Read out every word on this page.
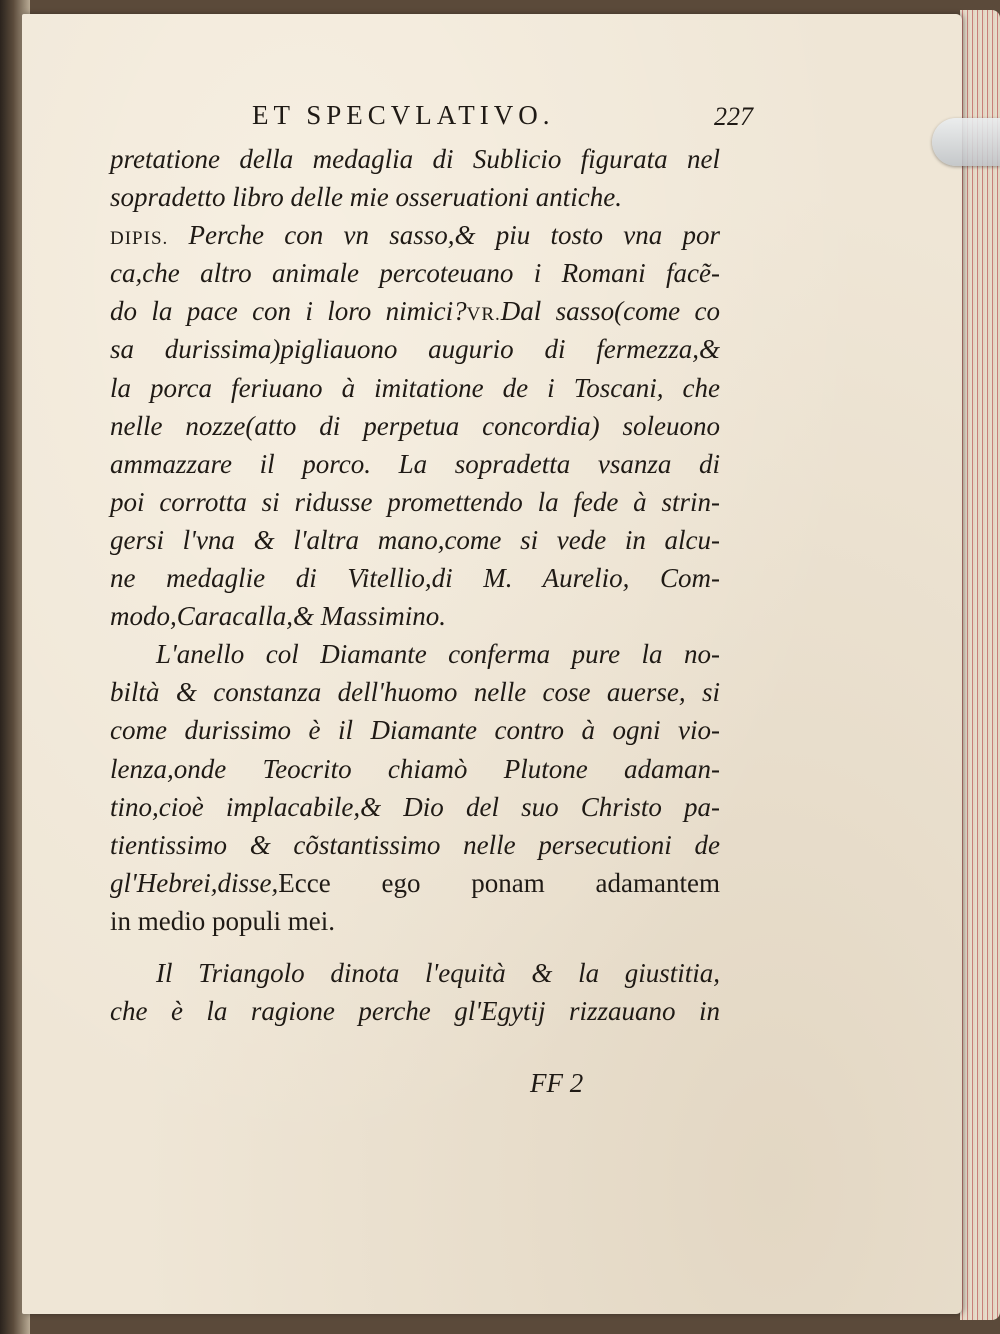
ET SPECVLATIVO.	227
pretatione della medaglia di Sublicio figurata nel
sopradetto libro delle mie osseruationi antiche.
DIPIS. Perche con vn sasso,& piu tosto vna por
ca,che altro animale percoteuano i Romani facẽ-
do la pace con i loro nimici?VR.Dal sasso(come co
sa durissima)pigliauono augurio di fermezza,&
la porca feriuano à imitatione de i Toscani, che
nelle nozze(atto di perpetua concordia) soleuono
ammazzare il porco. La sopradetta vsanza di
poi corrotta si ridusse promettendo la fede à strin-
gersi l'vna & l'altra mano,come si vede in alcu-
ne medaglie di Vitellio,di M. Aurelio, Com-
modo,Caracalla,& Massimino.
L'anello col Diamante conferma pure la no-
biltà & constanza dell'huomo nelle cose auerse, si
come durissimo è il Diamante contro à ogni vio-
lenza,onde Teocrito chiamò Plutone adaman-
tino,cioè implacabile,& Dio del suo Christo pa-
tientissimo & cõstantissimo nelle persecutioni de
gl'Hebrei,disse,Ecce ego ponam adamantem
in medio populi mei.
Il Triangolo dinota l'equità & la giustitia,
che è la ragione perche gl'Egytij rizzauano in
FF 2
